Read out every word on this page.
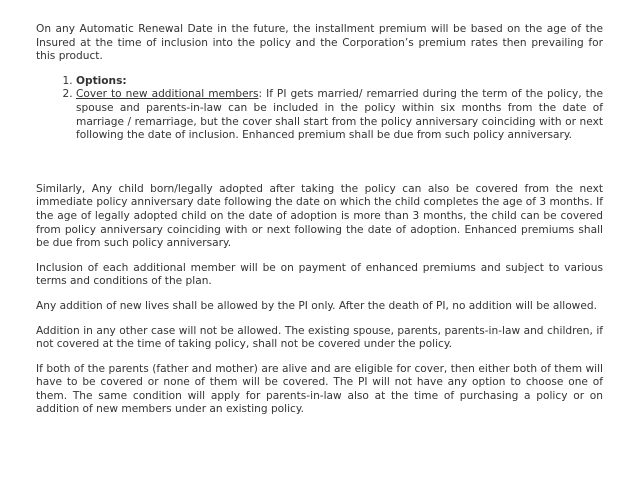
On any Automatic Renewal Date in the future, the installment premium will be based on the age of the Insured at the time of inclusion into the policy and the Corporation’s premium rates then prevailing for this product.

1. Options:
2. Cover to new additional members: If PI gets married/ remarried during the term of the policy, the spouse and parents-in-law can be included in the policy within six months from the date of marriage / remarriage, but the cover shall start from the policy anniversary coinciding with or next following the date of inclusion. Enhanced premium shall be due from such policy anniversary.

Similarly, Any child born/legally adopted after taking the policy can also be covered from the next immediate policy anniversary date following the date on which the child completes the age of 3 months. If the age of legally adopted child on the date of adoption is more than 3 months, the child can be covered from policy anniversary coinciding with or next following the date of adoption. Enhanced premiums shall be due from such policy anniversary.

Inclusion of each additional member will be on payment of enhanced premiums and subject to various terms and conditions of the plan.

Any addition of new lives shall be allowed by the PI only. After the death of PI, no addition will be allowed.

Addition in any other case will not be allowed. The existing spouse, parents, parents-in-law and children, if not covered at the time of taking policy, shall not be covered under the policy.

If both of the parents (father and mother) are alive and are eligible for cover, then either both of them will have to be covered or none of them will be covered. The PI will not have any option to choose one of them. The same condition will apply for parents-in-law also at the time of purchasing a policy or on addition of new members under an existing policy.
